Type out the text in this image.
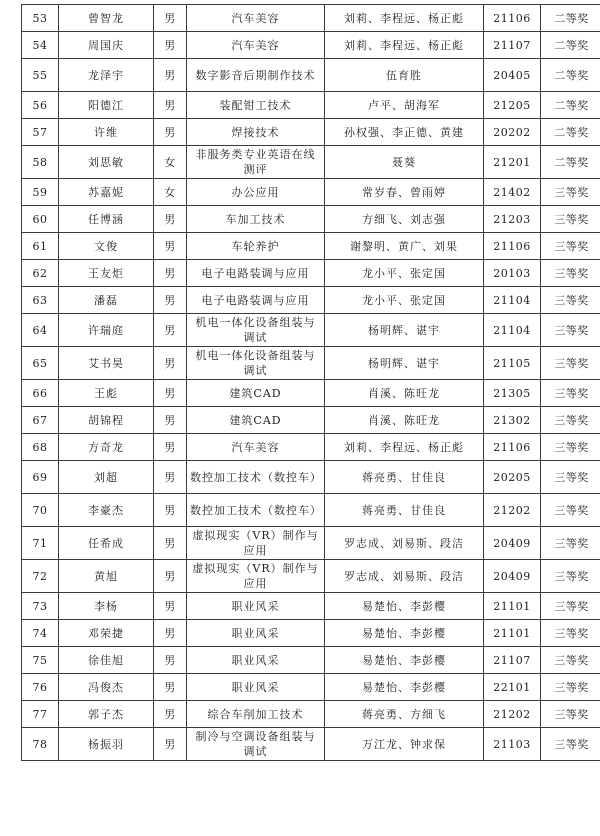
53	曾智龙	男	汽车美容	刘莉、李程远、杨正彪	21106	二等奖
54	周国庆	男	汽车美容	刘莉、李程远、杨正彪	21107	二等奖
55	龙泽宇	男	数字影音后期制作技术	伍育胜	20405	二等奖
56	阳德江	男	装配钳工技术	卢平、胡海军	21205	二等奖
57	许维	男	焊接技术	孙权强、李正德、黄建	20202	二等奖
58	刘思敏	女	非服务类专业英语在线测评	聂葵	21201	二等奖
59	苏嘉妮	女	办公应用	常岁春、曾雨婷	21402	三等奖
60	任博涵	男	车加工技术	方细飞、刘志强	21203	三等奖
61	文俊	男	车轮养护	谢黎明、黄广、刘果	21106	三等奖
62	王友炬	男	电子电路装调与应用	龙小平、张定国	20103	三等奖
63	潘磊	男	电子电路装调与应用	龙小平、张定国	21104	三等奖
64	许瑞庭	男	机电一体化设备组装与调试	杨明辉、谌宇	21104	三等奖
65	艾书昊	男	机电一体化设备组装与调试	杨明辉、谌宇	21105	三等奖
66	王彪	男	建筑CAD	肖溪、陈旺龙	21305	三等奖
67	胡锦程	男	建筑CAD	肖溪、陈旺龙	21302	三等奖
68	方奇龙	男	汽车美容	刘莉、李程远、杨正彪	21106	三等奖
69	刘超	男	数控加工技术（数控车）	蒋亮勇、甘佳良	20205	三等奖
70	李豪杰	男	数控加工技术（数控车）	蒋亮勇、甘佳良	21202	三等奖
71	任希成	男	虚拟现实（VR）制作与应用	罗志成、刘易斯、段洁	20409	三等奖
72	黄旭	男	虚拟现实（VR）制作与应用	罗志成、刘易斯、段洁	20409	三等奖
73	李杨	男	职业风采	易楚怡、李彭樱	21101	三等奖
74	邓荣捷	男	职业风采	易楚怡、李彭樱	21101	三等奖
75	徐佳旭	男	职业风采	易楚怡、李彭樱	21107	三等奖
76	冯俊杰	男	职业风采	易楚怡、李彭樱	22101	三等奖
77	郭子杰	男	综合车削加工技术	蒋亮勇、方细飞	21202	三等奖
78	杨振羽	男	制冷与空调设备组装与调试	万江龙、钟求保	21103	三等奖
